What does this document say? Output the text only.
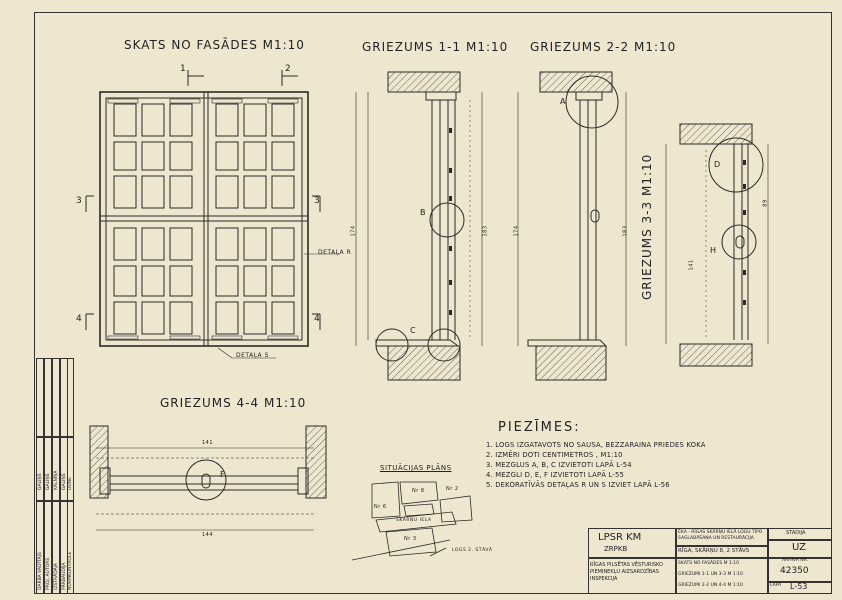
SKATS NO FASĀDES M1:10	GRIEZUMS 1-1 M1:10 GRIEZUMS 2-2 M1:10
GRIEZUMS 4-4 M1:10
GRIEZUMS 3-3 M1:10
SITUĀCIJAS PLĀNS
1	2
3	3
4	4
DETAĻA R
DETAĻA S
B
C
A
D
H
F
174	183	174	183
141
89
141
144
Nr 6
Nr 8	Nr 2
Nr 3
SKĀRŅU IELA
LOGS 2. STĀVĀ
PIEZĪMES:
1. LOGS IZGATAVOTS NO SAUSA, BEZZARAINA PRIEDES KOKA
2. IZMĒRI DOTI CENTIMETROS , M1:10
3. MEZGLUS A, B, C IZVIETOTI LAPĀ L-54
4. MEZGLI D, E, F IZVIETOTI LAPĀ L-55
5. DEKORATĪVĀS DETAĻAS R UN S IZVIET LAPĀ L-56
LPSR KM
ZRPKB
RĪGAS PILSĒTAS VĒSTURISKO PIEMINEKĻU AIZSARDZĪBAS INSPEKCIJA
ĒKA - RĪGAS SKĀRŅU IELĀ LOGU TIPO SAGLABĀŠANA UN RESTAURĀCIJA
RĪGA, SKĀRŅU 8, 2 STĀVS
SKATS NO FASĀDES M 1:10
GRIEZUMI 1-1 UN 3-3 M 1:10
GRIEZUMI 2-2 UN 4-4 M 1:10
STADIJA
UZ
ARHĪVA NR.
42350
LAPA L-53
DARBA VADĪTĀJS PROJ. AUTORS IZSTRĀDĀJA PĀRBAUDĪJA NORMKONTROLE
GALIŅŠ GALIŅŠ KALNIŅA GALIŅŠ DUNE
